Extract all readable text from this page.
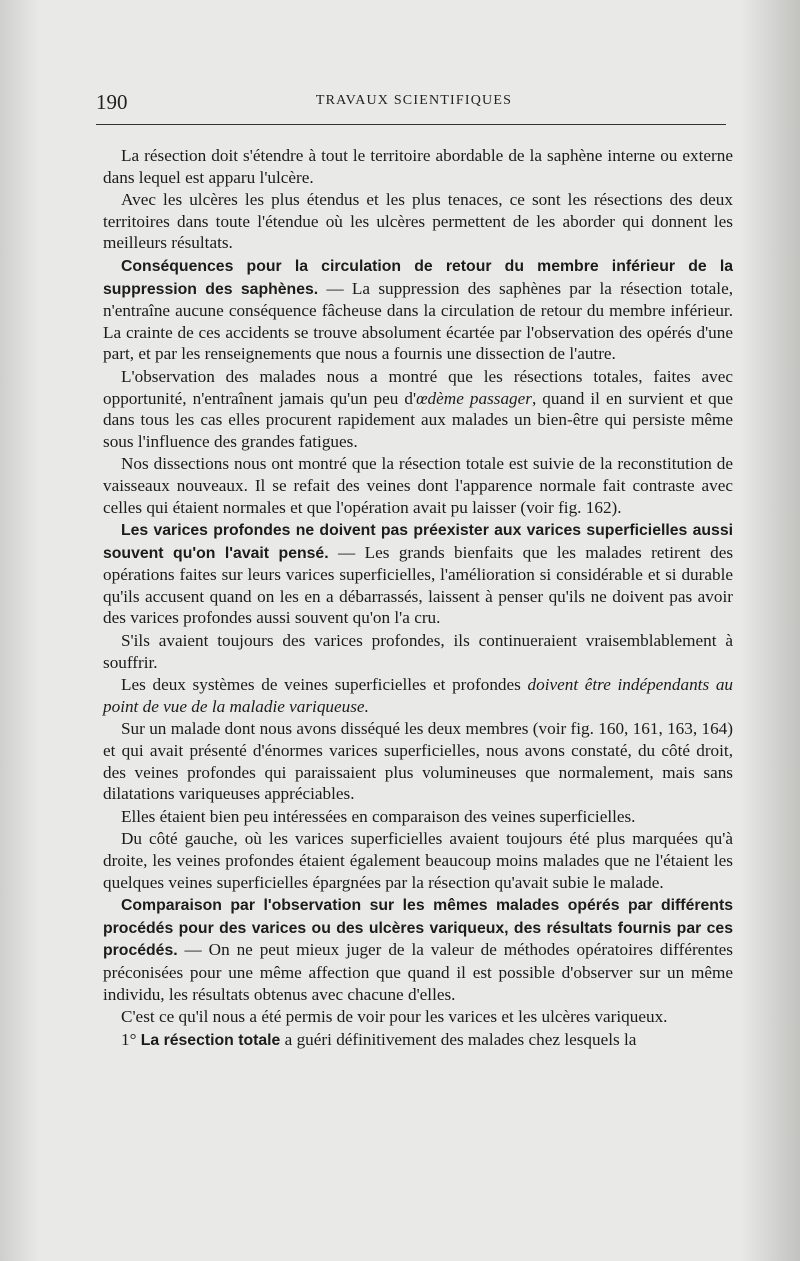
190	TRAVAUX SCIENTIFIQUES

La résection doit s'étendre à tout le territoire abordable de la saphène interne ou externe dans lequel est apparu l'ulcère.

Avec les ulcères les plus étendus et les plus tenaces, ce sont les résections des deux territoires dans toute l'étendue où les ulcères permettent de les aborder qui donnent les meilleurs résultats.

Conséquences pour la circulation de retour du membre inférieur de la suppression des saphènes. — La suppression des saphènes par la résection totale, n'entraîne aucune conséquence fâcheuse dans la circulation de retour du membre inférieur. La crainte de ces accidents se trouve absolument écartée par l'observation des opérés d'une part, et par les renseignements que nous a fournis une dissection de l'autre.

L'observation des malades nous a montré que les résections totales, faites avec opportunité, n'entraînent jamais qu'un peu d'œdème passager, quand il en survient et que dans tous les cas elles procurent rapidement aux malades un bien-être qui persiste même sous l'influence des grandes fatigues.

Nos dissections nous ont montré que la résection totale est suivie de la reconstitution de vaisseaux nouveaux. Il se refait des veines dont l'apparence normale fait contraste avec celles qui étaient normales et que l'opération avait pu laisser (voir fig. 162).

Les varices profondes ne doivent pas préexister aux varices superficielles aussi souvent qu'on l'avait pensé. — Les grands bienfaits que les malades retirent des opérations faites sur leurs varices superficielles, l'amélioration si considérable et si durable qu'ils accusent quand on les en a débarrassés, laissent à penser qu'ils ne doivent pas avoir des varices profondes aussi souvent qu'on l'a cru.

S'ils avaient toujours des varices profondes, ils continueraient vraisemblablement à souffrir.

Les deux systèmes de veines superficielles et profondes doivent être indépendants au point de vue de la maladie variqueuse.

Sur un malade dont nous avons disséqué les deux membres (voir fig. 160, 161, 163, 164) et qui avait présenté d'énormes varices superficielles, nous avons constaté, du côté droit, des veines profondes qui paraissaient plus volumineuses que normalement, mais sans dilatations variqueuses appréciables.

Elles étaient bien peu intéressées en comparaison des veines superficielles.

Du côté gauche, où les varices superficielles avaient toujours été plus marquées qu'à droite, les veines profondes étaient également beaucoup moins malades que ne l'étaient les quelques veines superficielles épargnées par la résection qu'avait subie le malade.

Comparaison par l'observation sur les mêmes malades opérés par différents procédés pour des varices ou des ulcères variqueux, des résultats fournis par ces procédés. — On ne peut mieux juger de la valeur de méthodes opératoires différentes préconisées pour une même affection que quand il est possible d'observer sur un même individu, les résultats obtenus avec chacune d'elles.

C'est ce qu'il nous a été permis de voir pour les varices et les ulcères variqueux.

1° La résection totale a guéri définitivement des malades chez lesquels la
